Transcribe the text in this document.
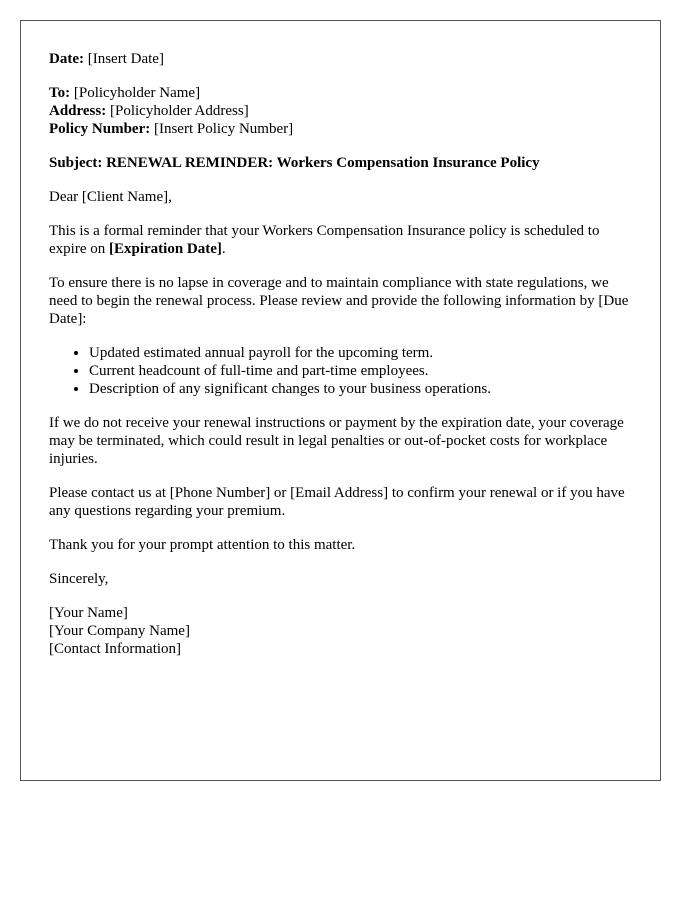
Date: [Insert Date]

To: [Policyholder Name]

Address: [Policyholder Address]

Policy Number: [Insert Policy Number]

Subject: RENEWAL REMINDER: Workers Compensation Insurance Policy

Dear [Client Name],

This is a formal reminder that your Workers Compensation Insurance policy is scheduled to expire on [Expiration Date].

To ensure there is no lapse in coverage and to maintain compliance with state regulations, we need to begin the renewal process. Please review and provide the following information by [Due Date]:

• Updated estimated annual payroll for the upcoming term.
• Current headcount of full-time and part-time employees.
• Description of any significant changes to your business operations.

If we do not receive your renewal instructions or payment by the expiration date, your coverage may be terminated, which could result in legal penalties or out-of-pocket costs for workplace injuries.

Please contact us at [Phone Number] or [Email Address] to confirm your renewal or if you have any questions regarding your premium.

Thank you for your prompt attention to this matter.

Sincerely,

[Your Name]

[Your Company Name]

[Contact Information]
